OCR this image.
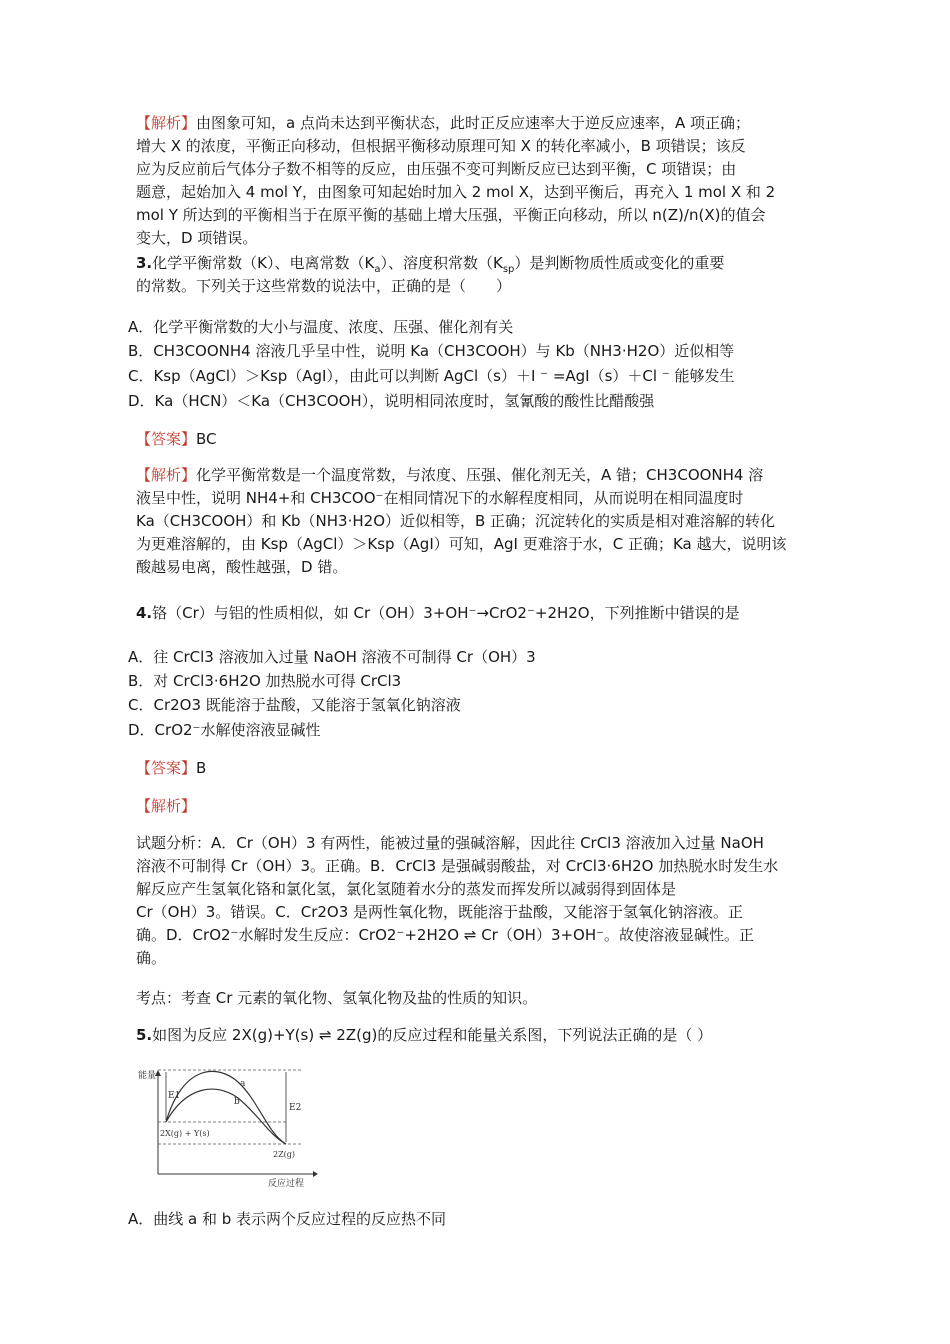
【解析】由图象可知，a 点尚未达到平衡状态，此时正反应速率大于逆反应速率，A 项正确；
增大 X 的浓度，平衡正向移动，但根据平衡移动原理可知 X 的转化率减小，B 项错误；该反
应为反应前后气体分子数不相等的反应，由压强不变可判断反应已达到平衡，C 项错误；由
题意，起始加入 4 mol Y，由图象可知起始时加入 2 mol X，达到平衡后，再充入 1 mol X 和 2
mol Y 所达到的平衡相当于在原平衡的基础上增大压强，平衡正向移动，所以 n(Z)/n(X)的值会
变大，D 项错误。
3.化学平衡常数（K）、电离常数$(K_a)$、溶度积常数$(K_{sp})$是判断物质性质或变化的重要
的常数。下列关于这些常数的说法中，正确的是（　　）
A．化学平衡常数的大小与温度、浓度、压强、催化剂有关
B．CH3COONH4 溶液几乎呈中性，说明 Ka（CH3COOH）与 Kb（NH3·H2O）近似相等
C．Ksp（AgCl）＞Ksp（AgI），由此可以判断 AgCl（s）＋I ⁻ =AgI（s）＋Cl ⁻ 能够发生
D．Ka（HCN）＜Ka（CH3COOH），说明相同浓度时，氢氰酸的酸性比醋酸强
【答案】BC
【解析】化学平衡常数是一个温度常数，与浓度、压强、催化剂无关，A 错；CH3COONH4 溶
液呈中性，说明 NH4+和 CH3COO⁻在相同情况下的水解程度相同，从而说明在相同温度时
Ka（CH3COOH）和 Kb（NH3·H2O）近似相等，B 正确；沉淀转化的实质是相对难溶解的转化
为更难溶解的，由 Ksp（AgCl）＞Ksp（AgI）可知，AgI 更难溶于水，C 正确；Ka 越大，说明该
酸越易电离，酸性越强，D 错。
4.铬（Cr）与铝的性质相似，如 Cr（OH）3+OH⁻→CrO2⁻+2H2O，下列推断中错误的是
A．往 CrCl3 溶液加入过量 NaOH 溶液不可制得 Cr（OH）3
B．对 CrCl3·6H2O 加热脱水可得 CrCl3
C．Cr2O3 既能溶于盐酸，又能溶于氢氧化钠溶液
D．CrO2⁻水解使溶液显碱性
【答案】B
【解析】
试题分析：A．Cr（OH）3 有两性，能被过量的强碱溶解，因此往 CrCl3 溶液加入过量 NaOH
溶液不可制得 Cr（OH）3。正确。B．CrCl3 是强碱弱酸盐，对 CrCl3·6H2O 加热脱水时发生水
解反应产生氢氧化铬和氯化氢，氯化氢随着水分的蒸发而挥发所以减弱得到固体是
Cr（OH）3。错误。C．Cr2O3 是两性氧化物，既能溶于盐酸，又能溶于氢氧化钠溶液。正
确。D．CrO2⁻水解时发生反应：CrO2⁻+2H2O ⇌ Cr（OH）3+OH⁻。故使溶液显碱性。正
确。
考点：考查 Cr 元素的氧化物、氢氧化物及盐的性质的知识。
5.如图为反应 2X(g)+Y(s) ⇌ 2Z(g)的反应过程和能量关系图，下列说法正确的是（ ）
能量
反应过程
E1
E2
a
b
2X(g) + Y(s)
2Z(g)
A．曲线 a 和 b 表示两个反应过程的反应热不同
